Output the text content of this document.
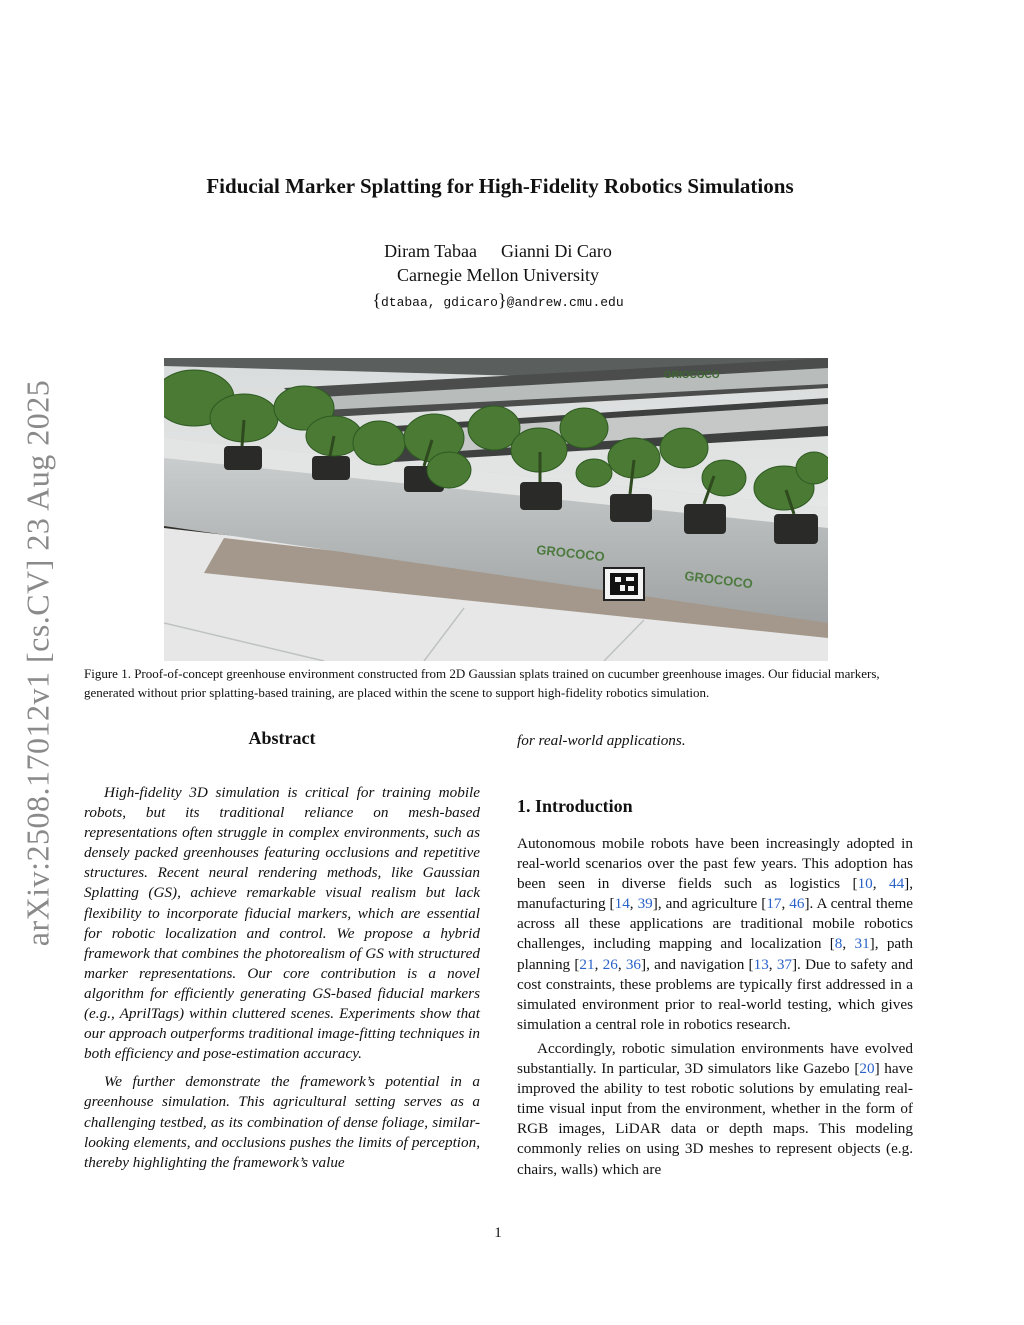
arXiv:2508.17012v1 [cs.CV] 23 Aug 2025
Fiducial Marker Splatting for High-Fidelity Robotics Simulations
Diram Tabaa Gianni Di Caro
Carnegie Mellon University
{dtabaa, gdicaro}@andrew.cmu.edu
GROCOCO
GROCOCO
GRIOCOCO
Figure 1. Proof-of-concept greenhouse environment constructed from 2D Gaussian splats trained on cucumber greenhouse images. Our fiducial markers, generated without prior splatting-based training, are placed within the scene to support high-fidelity robotics simulation.
Abstract

High-fidelity 3D simulation is critical for training mobile robots, but its traditional reliance on mesh-based representations often struggle in complex environments, such as densely packed greenhouses featuring occlusions and repetitive structures. Recent neural rendering methods, like Gaussian Splatting (GS), achieve remarkable visual realism but lack flexibility to incorporate fiducial markers, which are essential for robotic localization and control. We propose a hybrid framework that combines the photorealism of GS with structured marker representations. Our core contribution is a novel algorithm for efficiently generating GS-based fiducial markers (e.g., AprilTags) within cluttered scenes. Experiments show that our approach outperforms traditional image-fitting techniques in both efficiency and pose-estimation accuracy.

We further demonstrate the framework’s potential in a greenhouse simulation. This agricultural setting serves as a challenging testbed, as its combination of dense foliage, similar-looking elements, and occlusions pushes the limits of perception, thereby highlighting the framework’s value

for real-world applications.

1. Introduction

Autonomous mobile robots have been increasingly adopted in real-world scenarios over the past few years. This adoption has been seen in diverse fields such as logistics [10, 44], manufacturing [14, 39], and agriculture [17, 46]. A central theme across all these applications are traditional mobile robotics challenges, including mapping and localization [8, 31], path planning [21, 26, 36], and navigation [13, 37]. Due to safety and cost constraints, these problems are typically first addressed in a simulated environment prior to real-world testing, which gives simulation a central role in robotics research.

Accordingly, robotic simulation environments have evolved substantially. In particular, 3D simulators like Gazebo [20] have improved the ability to test robotic solutions by emulating real-time visual input from the environment, whether in the form of RGB images, LiDAR data or depth maps. This modeling commonly relies on using 3D meshes to represent objects (e.g. chairs, walls) which are

1
